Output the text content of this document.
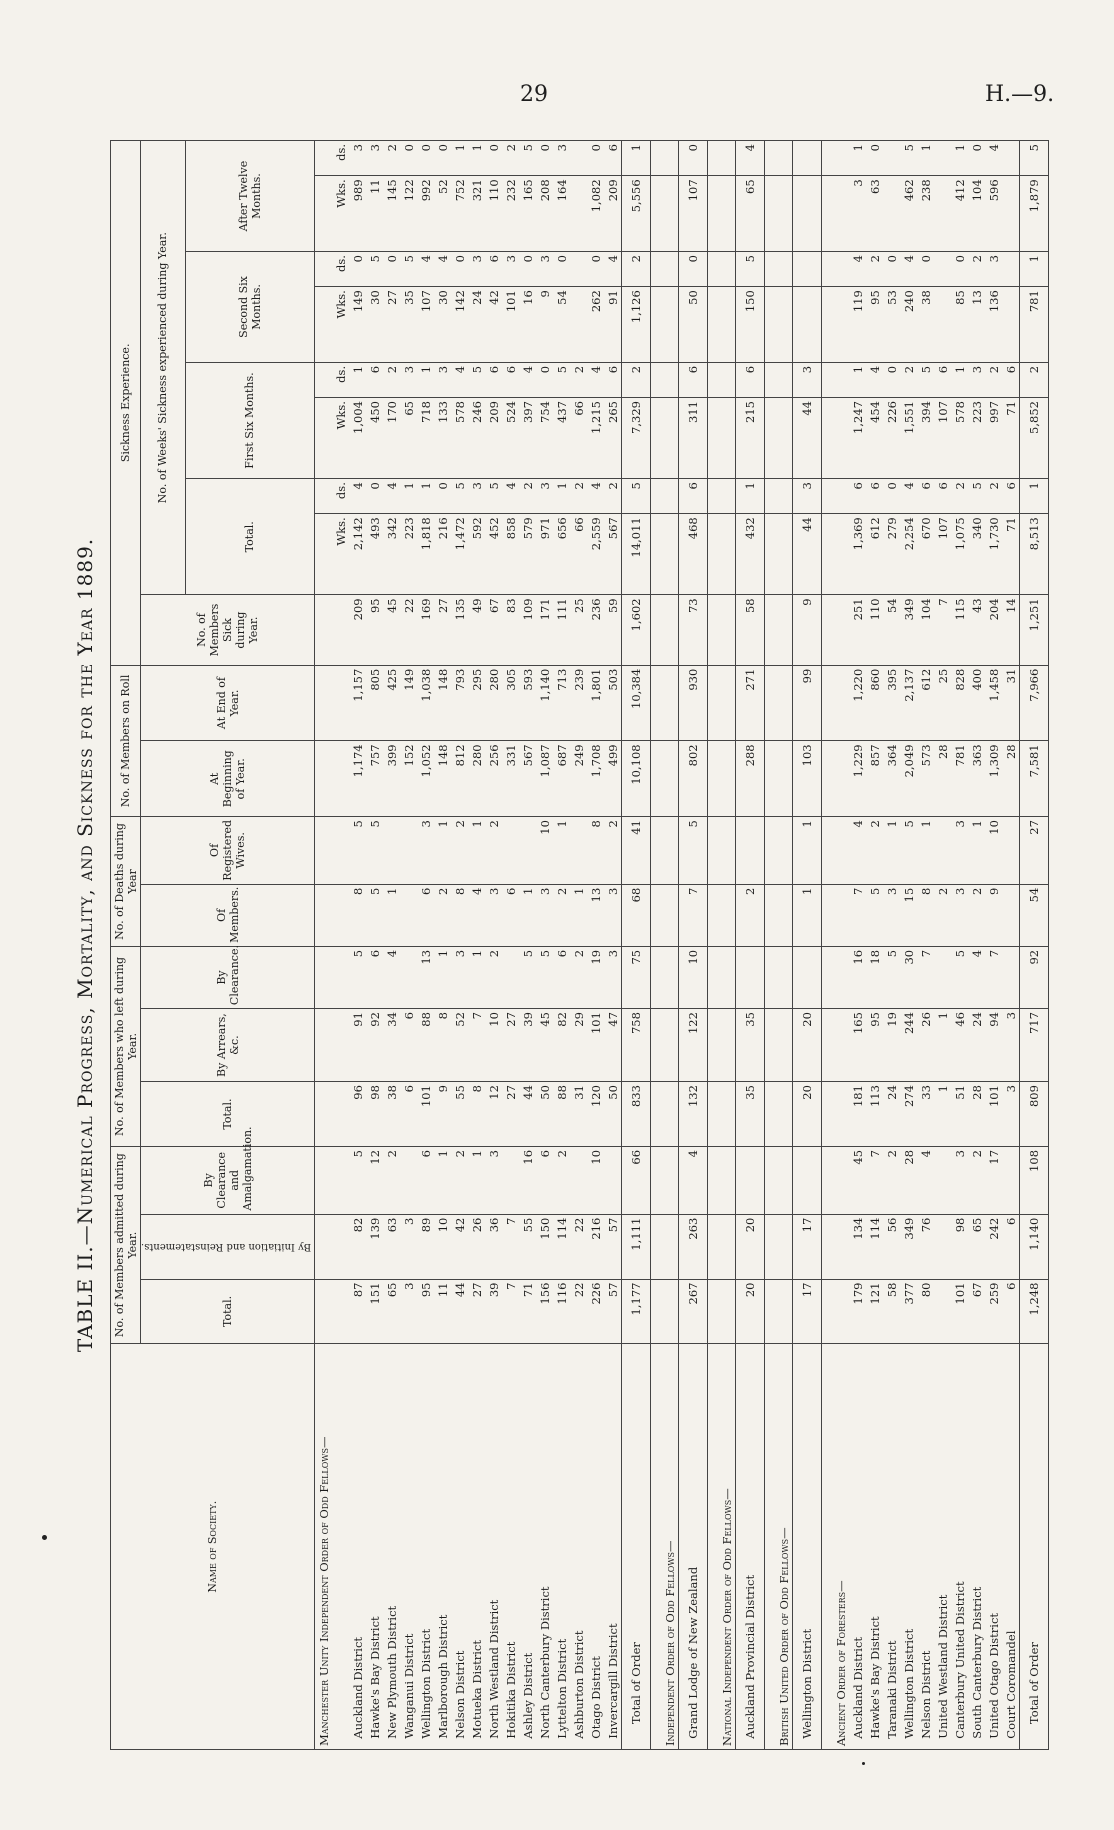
29	H.—9.
TABLE II.—Numerical Progress, Mortality, and Sickness for the Year 1889.
Name of Society.	No. of Members admitted during Year.			No. of Members who left during Year.			No. of Deaths during Year		No. of Members on Roll		Sickness Experience.								
	Total.	By Initiation and Reinstatements.	By Clearance and Amalgamation.	Total.	By Arrears, &c.	By Clearance.	Of Members.	Of Registered Wives.	At Beginning of Year.	At End of Year.	No. of Members Sick during Year.	No. of Weeks' Sickness experienced during Year.							
												Total.		First Six Months.		Second Six Months.		After Twelve Months.	
Manchester Unity Independent Order of Odd Fellows—																			
												Wks.	ds.	Wks.	ds.	Wks.	ds.	Wks.	ds.
Auckland District	87	82	5	96	91	5	8	5	1,174	1,157	209	2,142	4	1,004	1	149	0	989	3
Hawke's Bay District	151	139	12	98	92	6	5	5	757	805	95	493	0	450	6	30	5	11	3
New Plymouth District	65	63	2	38	34	4	1		399	425	45	342	4	170	2	27	0	145	2
Wanganui District	3	3		6	6				152	149	22	223	1	65	3	35	5	122	0
Wellington District	95	89	6	101	88	13	6	3	1,052	1,038	169	1,818	1	718	1	107	4	992	0
Marlborough District	11	10	1	9	8	1	2	1	148	148	27	216	0	133	3	30	4	52	0
Nelson District	44	42	2	55	52	3	8	2	812	793	135	1,472	5	578	4	142	0	752	1
Motueka District	27	26	1	8	7	1	4	1	280	295	49	592	3	246	5	24	3	321	1
North Westland District	39	36	3	12	10	2	3	2	256	280	67	452	5	209	6	42	6	110	0
Hokitika District	7	7		27	27		6		331	305	83	858	4	524	6	101	3	232	2
Ashley District	71	55	16	44	39	5	1		567	593	109	579	2	397	4	16	0	165	5
North Canterbury District	156	150	6	50	45	5	3	10	1,087	1,140	171	971	3	754	0	9	3	208	0
Lyttelton District	116	114	2	88	82	6	2	1	687	713	111	656	1	437	5	54	0	164	3
Ashburton District	22	22		31	29	2	1		249	239	25	66	2	66	2				
Otago District	226	216	10	120	101	19	13	8	1,708	1,801	236	2,559	4	1,215	4	262	0	1,082	0
Invercargill District	57	57		50	47	3	3	2	499	503	59	567	2	265	6	91	4	209	6
Total of Order	1,177	1,111	66	833	758	75	68	41	10,108	10,384	1,602	14,011	5	7,329	2	1,126	2	5,556	1

Independent Order of Odd Fellows—																			
Grand Lodge of New Zealand	267	263	4	132	122	10	7	5	802	930	73	468	6	311	6	50	0	107	0

National Independent Order of Odd Fellows—																			
Auckland Provincial District	20	20		35	35		2		288	271	58	432	1	215	6	150	5	65	4

British United Order of Odd Fellows—																			
Wellington District	17	17		20	20		1	1	103	99	9	44	3	44	3				

Ancient Order of Foresters—																			
Auckland District	179	134	45	181	165	16	7	4	1,229	1,220	251	1,369	6	1,247	1	119	4	3	1
Hawke's Bay District	121	114	7	113	95	18	5	2	857	860	110	612	6	454	4	95	2	63	0
Taranaki District	58	56	2	24	19	5	3	1	364	395	54	279	0	226	0	53	0		
Wellington District	377	349	28	274	244	30	15	5	2,049	2,137	349	2,254	4	1,551	2	240	4	462	5
Nelson District	80	76	4	33	26	7	8	1	573	612	104	670	6	394	5	38	0	238	1
United Westland District				1	1		2		28	25	7	107	6	107	6				
Canterbury United District	101	98	3	51	46	5	3	3	781	828	115	1,075	2	578	1	85	0	412	1
South Canterbury District	67	65	2	28	24	4	2	1	363	400	43	340	5	223	3	13	2	104	0
United Otago District	259	242	17	101	94	7	9	10	1,309	1,458	204	1,730	2	997	2	136	3	596	4
Court Coromandel	6	6		3	3				28	31	14	71	6	71	6				
Total of Order	1,248	1,140	108	809	717	92	54	27	7,581	7,966	1,251	8,513	1	5,852	2	781	1	1,879	5
